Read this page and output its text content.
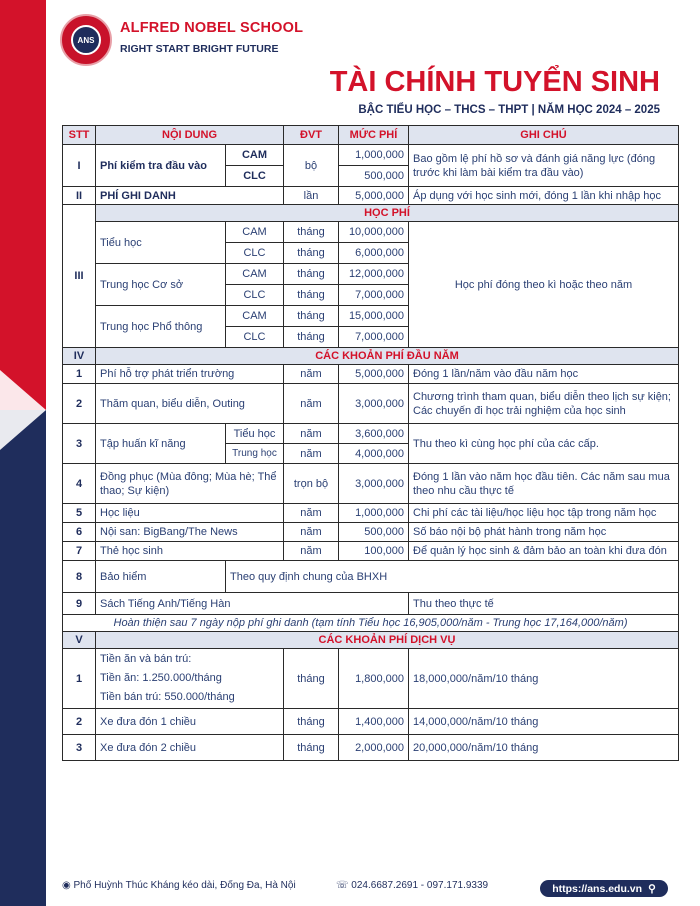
ANS
ALFRED NOBEL SCHOOL
RIGHT START BRIGHT FUTURE
TÀI CHÍNH TUYỂN SINH
BẬC TIỂU HỌC – THCS – THPT | NĂM HỌC 2024 – 2025
STT	NỘI DUNG		ĐVT	MỨC PHÍ	GHI CHÚ
I	Phí kiểm tra đầu vào	CAM	bộ	1,000,000	Bao gồm lệ phí hồ sơ và đánh giá năng lực (đóng trước khi làm bài kiểm tra đầu vào)
		CLC		500,000	
II	PHÍ GHI DANH		lần	5,000,000	Áp dụng với học sinh mới, đóng 1 lần khi nhập học
III	HỌC PHÍ				
	Tiểu học	CAM	tháng	10,000,000	Học phí đóng theo kì hoặc theo năm
		CLC	tháng	6,000,000	
	Trung học Cơ sở	CAM	tháng	12,000,000	
		CLC	tháng	7,000,000	
	Trung học Phổ thông	CAM	tháng	15,000,000	
		CLC	tháng	7,000,000	
IV	CÁC KHOẢN PHÍ ĐẦU NĂM				
1	Phí hỗ trợ phát triển trường		năm	5,000,000	Đóng 1 lần/năm vào đầu năm học
2	Thăm quan, biểu diễn, Outing		năm	3,000,000	Chương trình tham quan, biểu diễn theo lịch sự kiện; Các chuyến đi học trải nghiệm của học sinh
3	Tập huấn kĩ năng	Tiểu học	năm	3,600,000	Thu theo kì cùng học phí của các cấp.
		Trung học	năm	4,000,000	
4	Đồng phục (Mùa đông; Mùa hè; Thể thao; Sự kiện)		trọn bộ	3,000,000	Đóng 1 lần vào năm học đầu tiên. Các năm sau mua theo nhu cầu thực tế
5	Học liệu		năm	1,000,000	Chi phí các tài liệu/học liệu học tập trong năm học
6	Nội san: BigBang/The News		năm	500,000	Số báo nội bộ phát hành trong năm học
7	Thẻ học sinh		năm	100,000	Để quản lý học sinh & đảm bảo an toàn khi đưa đón
8	Bảo hiểm	Theo quy định chung của BHXH			
9	Sách Tiếng Anh/Tiếng Hàn				Thu theo thực tế
Hoàn thiện sau 7 ngày nộp phí ghi danh (tạm tính Tiểu học 16,905,000/năm - Trung học 17,164,000/năm)					
V	CÁC KHOẢN PHÍ DỊCH VỤ				
1	Tiền ăn và bán trú:
Tiền ăn: 1.250.000/tháng
Tiền bán trú: 550.000/tháng		tháng	1,800,000	18,000,000/năm/10 tháng
2	Xe đưa đón 1 chiều		tháng	1,400,000	14,000,000/năm/10 tháng
3	Xe đưa đón 2 chiều		tháng	2,000,000	20,000,000/năm/10 tháng
◉ Phố Huỳnh Thúc Kháng kéo dài, Đống Đa, Hà Nội	☏ 024.6687.2691 - 097.171.9339	https://ans.edu.vn ⚲
